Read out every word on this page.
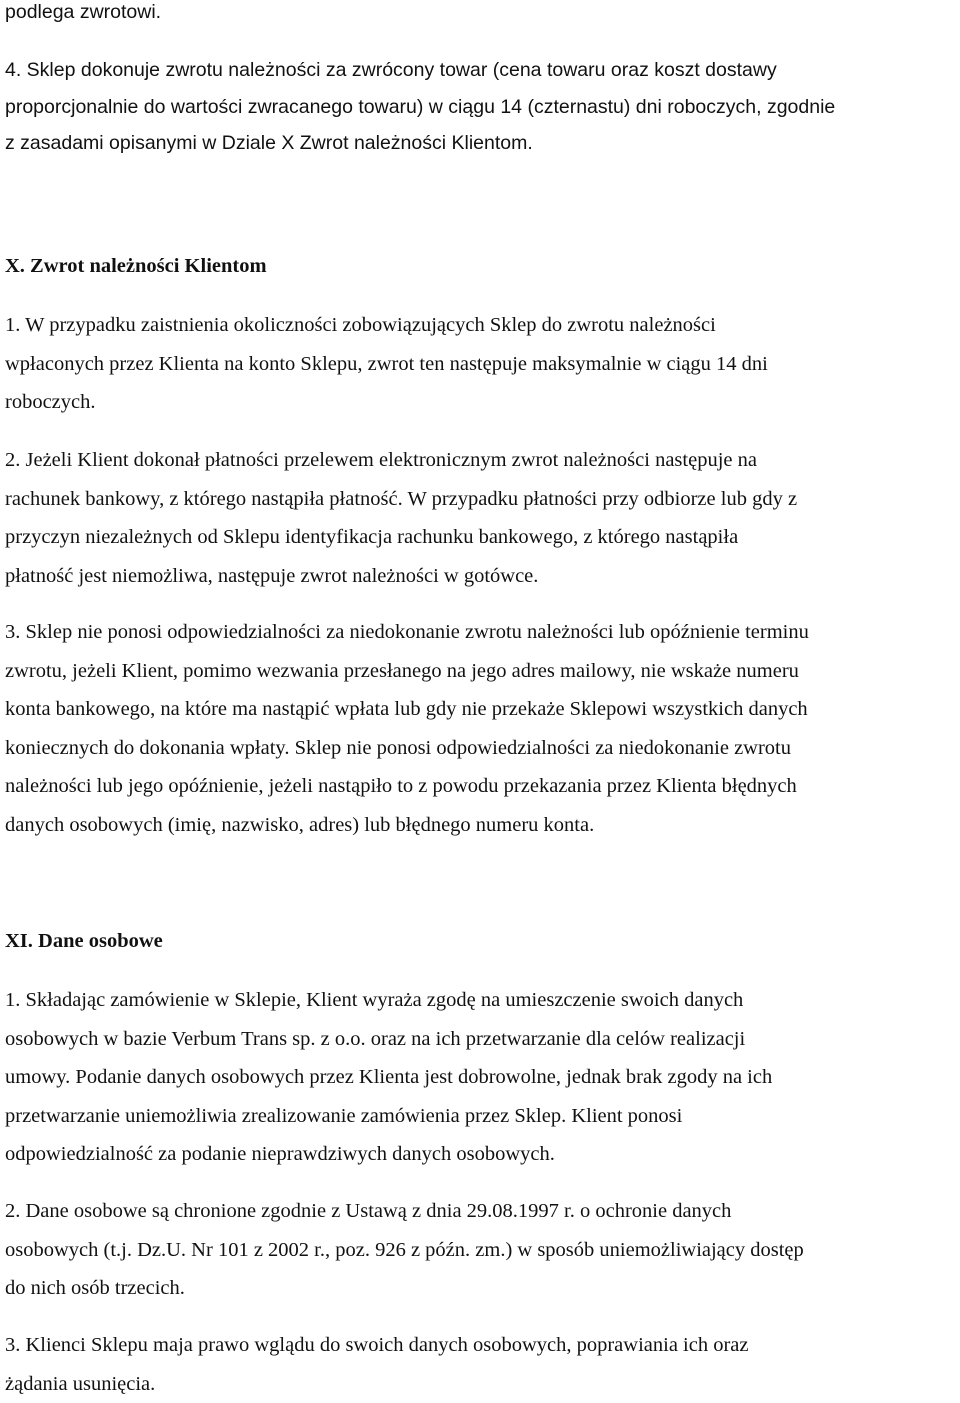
podlega zwrotowi.

4. Sklep dokonuje zwrotu należności za zwrócony towar (cena towaru oraz koszt dostawy
proporcjonalnie do wartości zwracanego towaru) w ciągu 14 (czternastu) dni roboczych, zgodnie
z zasadami opisanymi w Dziale X Zwrot należności Klientom.

X. Zwrot należności Klientom

1. W przypadku zaistnienia okoliczności zobowiązujących Sklep do zwrotu należności
wpłaconych przez Klienta na konto Sklepu, zwrot ten następuje maksymalnie w ciągu 14 dni
roboczych.

2. Jeżeli Klient dokonał płatności przelewem elektronicznym zwrot należności następuje na
rachunek bankowy, z którego nastąpiła płatność. W przypadku płatności przy odbiorze lub gdy z
przyczyn niezależnych od Sklepu identyfikacja rachunku bankowego, z którego nastąpiła
płatność jest niemożliwa, następuje zwrot należności w gotówce.

3. Sklep nie ponosi odpowiedzialności za niedokonanie zwrotu należności lub opóźnienie terminu
zwrotu, jeżeli Klient, pomimo wezwania przesłanego na jego adres mailowy, nie wskaże numeru
konta bankowego, na które ma nastąpić wpłata lub gdy nie przekaże Sklepowi wszystkich danych
koniecznych do dokonania wpłaty. Sklep nie ponosi odpowiedzialności za niedokonanie zwrotu
należności lub jego opóźnienie, jeżeli nastąpiło to z powodu przekazania przez Klienta błędnych
danych osobowych (imię, nazwisko, adres) lub błędnego numeru konta.

XI. Dane osobowe

1. Składając zamówienie w Sklepie, Klient wyraża zgodę na umieszczenie swoich danych
osobowych w bazie Verbum Trans sp. z o.o. oraz na ich przetwarzanie dla celów realizacji
umowy. Podanie danych osobowych przez Klienta jest dobrowolne, jednak brak zgody na ich
przetwarzanie uniemożliwia zrealizowanie zamówienia przez Sklep. Klient ponosi
odpowiedzialność za podanie nieprawdziwych danych osobowych.

2. Dane osobowe są chronione zgodnie z Ustawą z dnia 29.08.1997 r. o ochronie danych
osobowych (t.j. Dz.U. Nr 101 z 2002 r., poz. 926 z późn. zm.) w sposób uniemożliwiający dostęp
do nich osób trzecich.

3. Klienci Sklepu maja prawo wglądu do swoich danych osobowych, poprawiania ich oraz
żądania usunięcia.
